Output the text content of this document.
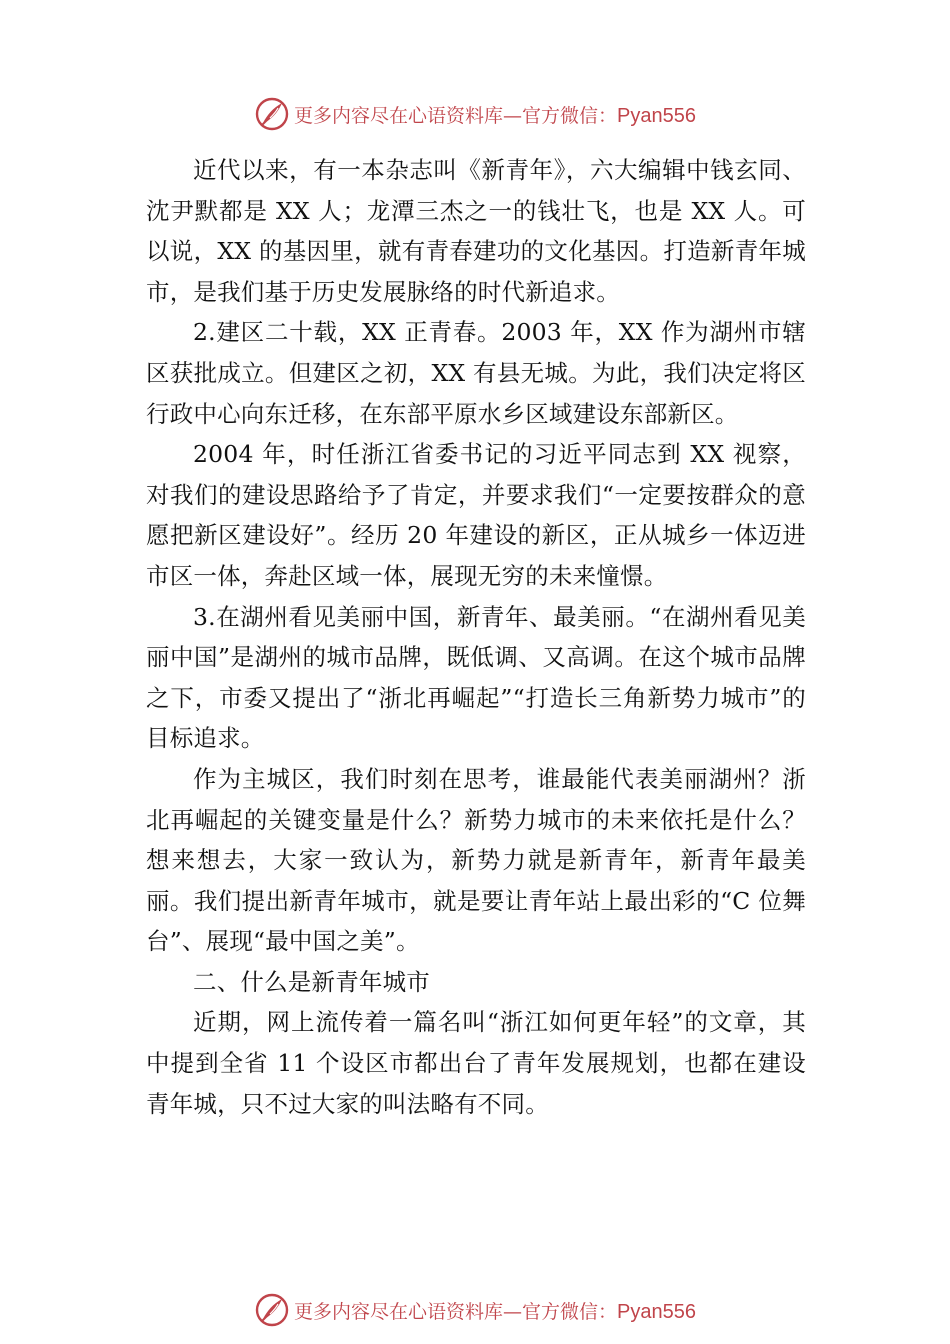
更多内容尽在心语资料库—官方微信：Pyan556

近代以来，有一本杂志叫《新青年》，六大编辑中钱玄同、沈尹默都是 XX 人；龙潭三杰之一的钱壮飞，也是 XX 人。可以说，XX 的基因里，就有青春建功的文化基因。打造新青年城市，是我们基于历史发展脉络的时代新追求。

2.建区二十载，XX 正青春。2003 年，XX 作为湖州市辖区获批成立。但建区之初，XX 有县无城。为此，我们决定将区行政中心向东迁移，在东部平原水乡区域建设东部新区。

2004 年，时任浙江省委书记的习近平同志到 XX 视察，对我们的建设思路给予了肯定，并要求我们“一定要按群众的意愿把新区建设好”。经历 20 年建设的新区，正从城乡一体迈进市区一体，奔赴区域一体，展现无穷的未来憧憬。

3.在湖州看见美丽中国，新青年、最美丽。“在湖州看见美丽中国”是湖州的城市品牌，既低调、又高调。在这个城市品牌之下，市委又提出了“浙北再崛起”“打造长三角新势力城市”的目标追求。

作为主城区，我们时刻在思考，谁最能代表美丽湖州？浙北再崛起的关键变量是什么？新势力城市的未来依托是什么？想来想去，大家一致认为，新势力就是新青年，新青年最美丽。我们提出新青年城市，就是要让青年站上最出彩的“C 位舞台”、展现“最中国之美”。

二、什么是新青年城市

近期，网上流传着一篇名叫“浙江如何更年轻”的文章，其中提到全省 11 个设区市都出台了青年发展规划，也都在建设青年城，只不过大家的叫法略有不同。

更多内容尽在心语资料库—官方微信：Pyan556
